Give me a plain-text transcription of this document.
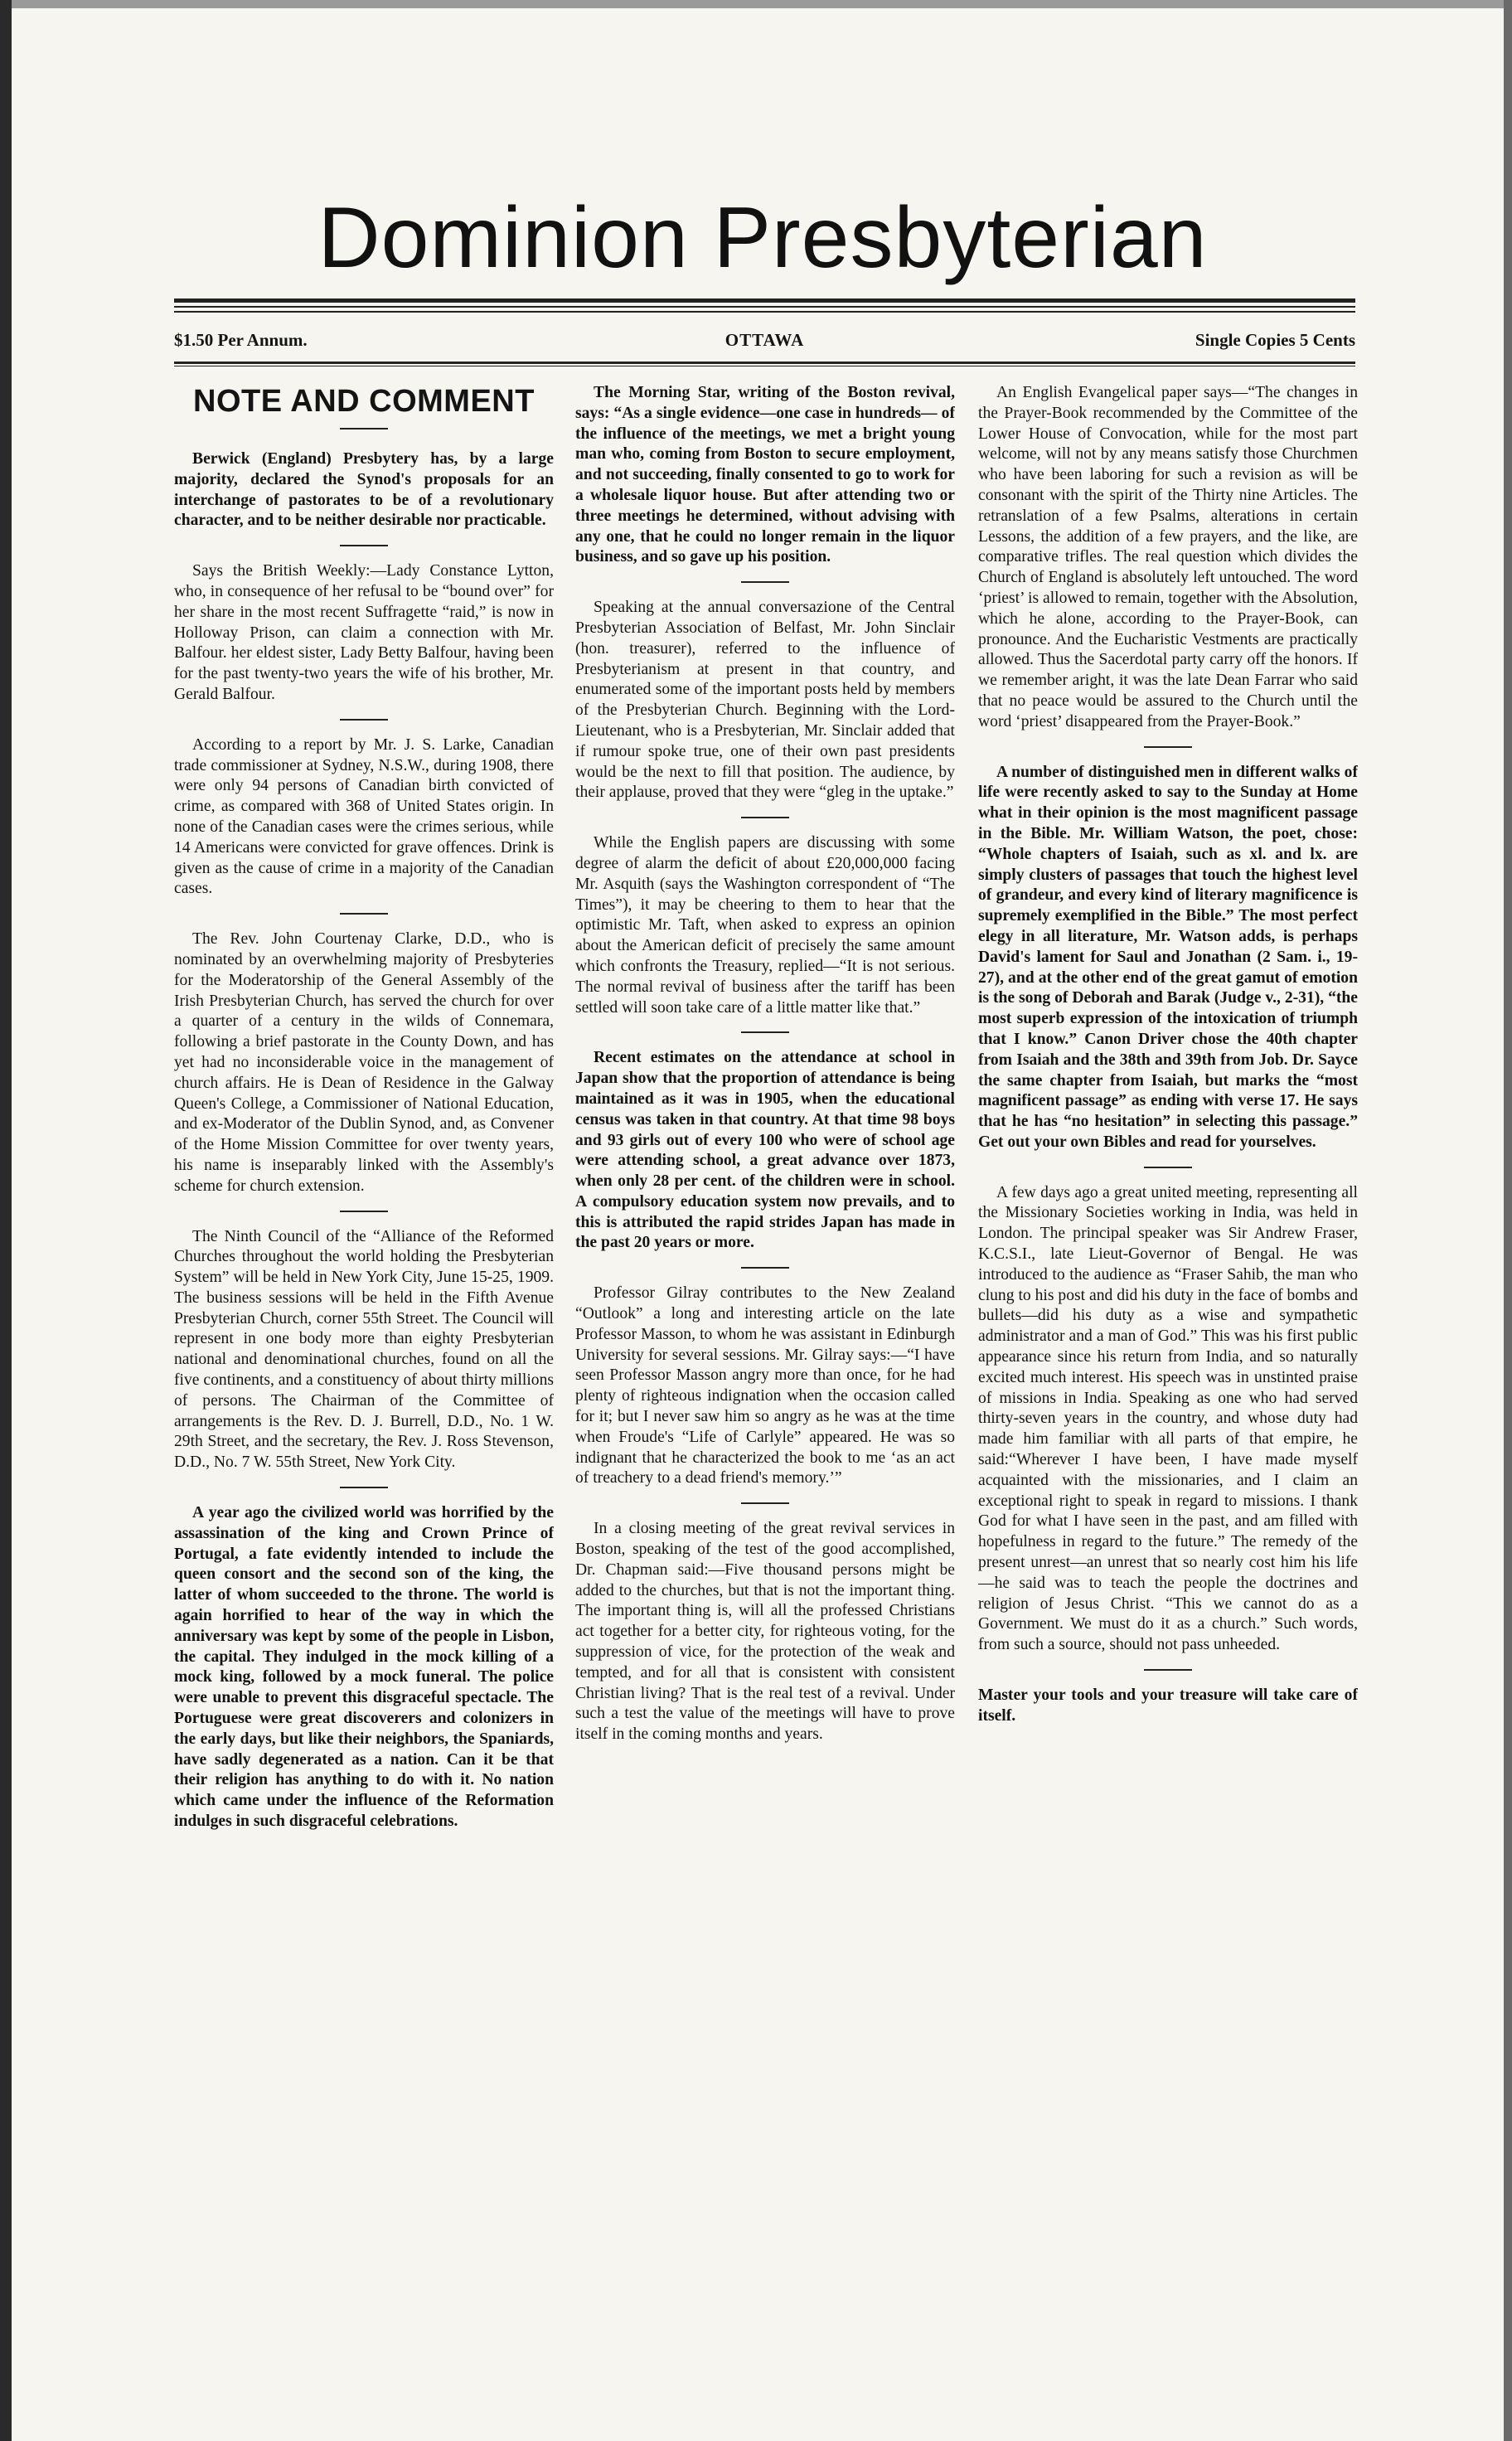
Dominion Presbyterian
$1.50 Per Annum.	OTTAWA	Single Copies 5 Cents
NOTE AND COMMENT

Berwick (England) Presbytery has, by a large majority, declared the Synod's proposals for an interchange of pastorates to be of a revolutionary character, and to be neither desirable nor practicable.

Says the British Weekly:—Lady Constance Lytton, who, in consequence of her refusal to be “bound over” for her share in the most recent Suffragette “raid,” is now in Holloway Prison, can claim a connection with Mr. Balfour. her eldest sister, Lady Betty Balfour, having been for the past twenty-two years the wife of his brother, Mr. Gerald Balfour.

According to a report by Mr. J. S. Larke, Canadian trade commissioner at Sydney, N.S.W., during 1908, there were only 94 persons of Canadian birth convicted of crime, as compared with 368 of United States origin. In none of the Canadian cases were the crimes serious, while 14 Americans were convicted for grave offences. Drink is given as the cause of crime in a majority of the Canadian cases.

The Rev. John Courtenay Clarke, D.D., who is nominated by an overwhelming majority of Presbyteries for the Moderatorship of the General Assembly of the Irish Presbyterian Church, has served the church for over a quarter of a century in the wilds of Connemara, following a brief pastorate in the County Down, and has yet had no inconsiderable voice in the management of church affairs. He is Dean of Residence in the Galway Queen's College, a Commissioner of National Education, and ex-Moderator of the Dublin Synod, and, as Convener of the Home Mission Committee for over twenty years, his name is inseparably linked with the Assembly's scheme for church extension.

The Ninth Council of the “Alliance of the Reformed Churches throughout the world holding the Presbyterian System” will be held in New York City, June 15-25, 1909. The business sessions will be held in the Fifth Avenue Presbyterian Church, corner 55th Street. The Council will represent in one body more than eighty Presbyterian national and denominational churches, found on all the five continents, and a constituency of about thirty millions of persons. The Chairman of the Committee of arrangements is the Rev. D. J. Burrell, D.D., No. 1 W. 29th Street, and the secretary, the Rev. J. Ross Stevenson, D.D., No. 7 W. 55th Street, New York City.

A year ago the civilized world was horrified by the assassination of the king and Crown Prince of Portugal, a fate evidently intended to include the queen consort and the second son of the king, the latter of whom succeeded to the throne. The world is again horrified to hear of the way in which the anniversary was kept by some of the people in Lisbon, the capital. They indulged in the mock killing of a mock king, followed by a mock funeral. The police were unable to prevent this disgraceful spectacle. The Portuguese were great discoverers and colonizers in the early days, but like their neighbors, the Spaniards, have sadly degenerated as a nation. Can it be that their religion has anything to do with it. No nation which came under the influence of the Reformation indulges in such disgraceful celebrations.

The Morning Star, writing of the Boston revival, says: “As a single evidence—one case in hundreds— of the influence of the meetings, we met a bright young man who, coming from Boston to secure employment, and not succeeding, finally consented to go to work for a wholesale liquor house. But after attending two or three meetings he determined, without advising with any one, that he could no longer remain in the liquor business, and so gave up his position.

Speaking at the annual conversazione of the Central Presbyterian Association of Belfast, Mr. John Sinclair (hon. treasurer), referred to the influence of Presbyterianism at present in that country, and enumerated some of the important posts held by members of the Presbyterian Church. Beginning with the Lord-Lieutenant, who is a Presbyterian, Mr. Sinclair added that if rumour spoke true, one of their own past presidents would be the next to fill that position. The audience, by their applause, proved that they were “gleg in the uptake.”

While the English papers are discussing with some degree of alarm the deficit of about £20,000,000 facing Mr. Asquith (says the Washington correspondent of “The Times”), it may be cheering to them to hear that the optimistic Mr. Taft, when asked to express an opinion about the American deficit of precisely the same amount which confronts the Treasury, replied—“It is not serious. The normal revival of business after the tariff has been settled will soon take care of a little matter like that.”

Recent estimates on the attendance at school in Japan show that the proportion of attendance is being maintained as it was in 1905, when the educational census was taken in that country. At that time 98 boys and 93 girls out of every 100 who were of school age were attending school, a great advance over 1873, when only 28 per cent. of the children were in school. A compulsory education system now prevails, and to this is attributed the rapid strides Japan has made in the past 20 years or more.

Professor Gilray contributes to the New Zealand “Outlook” a long and interesting article on the late Professor Masson, to whom he was assistant in Edinburgh University for several sessions. Mr. Gilray says:—“I have seen Professor Masson angry more than once, for he had plenty of righteous indignation when the occasion called for it; but I never saw him so angry as he was at the time when Froude's “Life of Carlyle” appeared. He was so indignant that he characterized the book to me ‘as an act of treachery to a dead friend's memory.’”

In a closing meeting of the great revival services in Boston, speaking of the test of the good accomplished, Dr. Chapman said:—Five thousand persons might be added to the churches, but that is not the important thing. The important thing is, will all the professed Christians act together for a better city, for righteous voting, for the suppression of vice, for the protection of the weak and tempted, and for all that is consistent with consistent Christian living? That is the real test of a revival. Under such a test the value of the meetings will have to prove itself in the coming months and years.

An English Evangelical paper says—“The changes in the Prayer-Book recommended by the Committee of the Lower House of Convocation, while for the most part welcome, will not by any means satisfy those Churchmen who have been laboring for such a revision as will be consonant with the spirit of the Thirty nine Articles. The retranslation of a few Psalms, alterations in certain Lessons, the addition of a few prayers, and the like, are comparative trifles. The real question which divides the Church of England is absolutely left untouched. The word ‘priest’ is allowed to remain, together with the Absolution, which he alone, according to the Prayer-Book, can pronounce. And the Eucharistic Vestments are practically allowed. Thus the Sacerdotal party carry off the honors. If we remember aright, it was the late Dean Farrar who said that no peace would be assured to the Church until the word ‘priest’ disappeared from the Prayer-Book.”

A number of distinguished men in different walks of life were recently asked to say to the Sunday at Home what in their opinion is the most magnificent passage in the Bible. Mr. William Watson, the poet, chose: “Whole chapters of Isaiah, such as xl. and lx. are simply clusters of passages that touch the highest level of grandeur, and every kind of literary magnificence is supremely exemplified in the Bible.” The most perfect elegy in all literature, Mr. Watson adds, is perhaps David's lament for Saul and Jonathan (2 Sam. i., 19-27), and at the other end of the great gamut of emotion is the song of Deborah and Barak (Judge v., 2-31), “the most superb expression of the intoxication of triumph that I know.” Canon Driver chose the 40th chapter from Isaiah and the 38th and 39th from Job. Dr. Sayce the same chapter from Isaiah, but marks the “most magnificent passage” as ending with verse 17. He says that he has “no hesitation” in selecting this passage.” Get out your own Bibles and read for yourselves.

A few days ago a great united meeting, representing all the Missionary Societies working in India, was held in London. The principal speaker was Sir Andrew Fraser, K.C.S.I., late Lieut-Governor of Bengal. He was introduced to the audience as “Fraser Sahib, the man who clung to his post and did his duty in the face of bombs and bullets—did his duty as a wise and sympathetic administrator and a man of God.” This was his first public appearance since his return from India, and so naturally excited much interest. His speech was in unstinted praise of missions in India. Speaking as one who had served thirty-seven years in the country, and whose duty had made him familiar with all parts of that empire, he said:“Wherever I have been, I have made myself acquainted with the missionaries, and I claim an exceptional right to speak in regard to missions. I thank God for what I have seen in the past, and am filled with hopefulness in regard to the future.” The remedy of the present unrest—an unrest that so nearly cost him his life—he said was to teach the people the doctrines and religion of Jesus Christ. “This we cannot do as a Government. We must do it as a church.” Such words, from such a source, should not pass unheeded.

Master your tools and your treasure will take care of itself.
